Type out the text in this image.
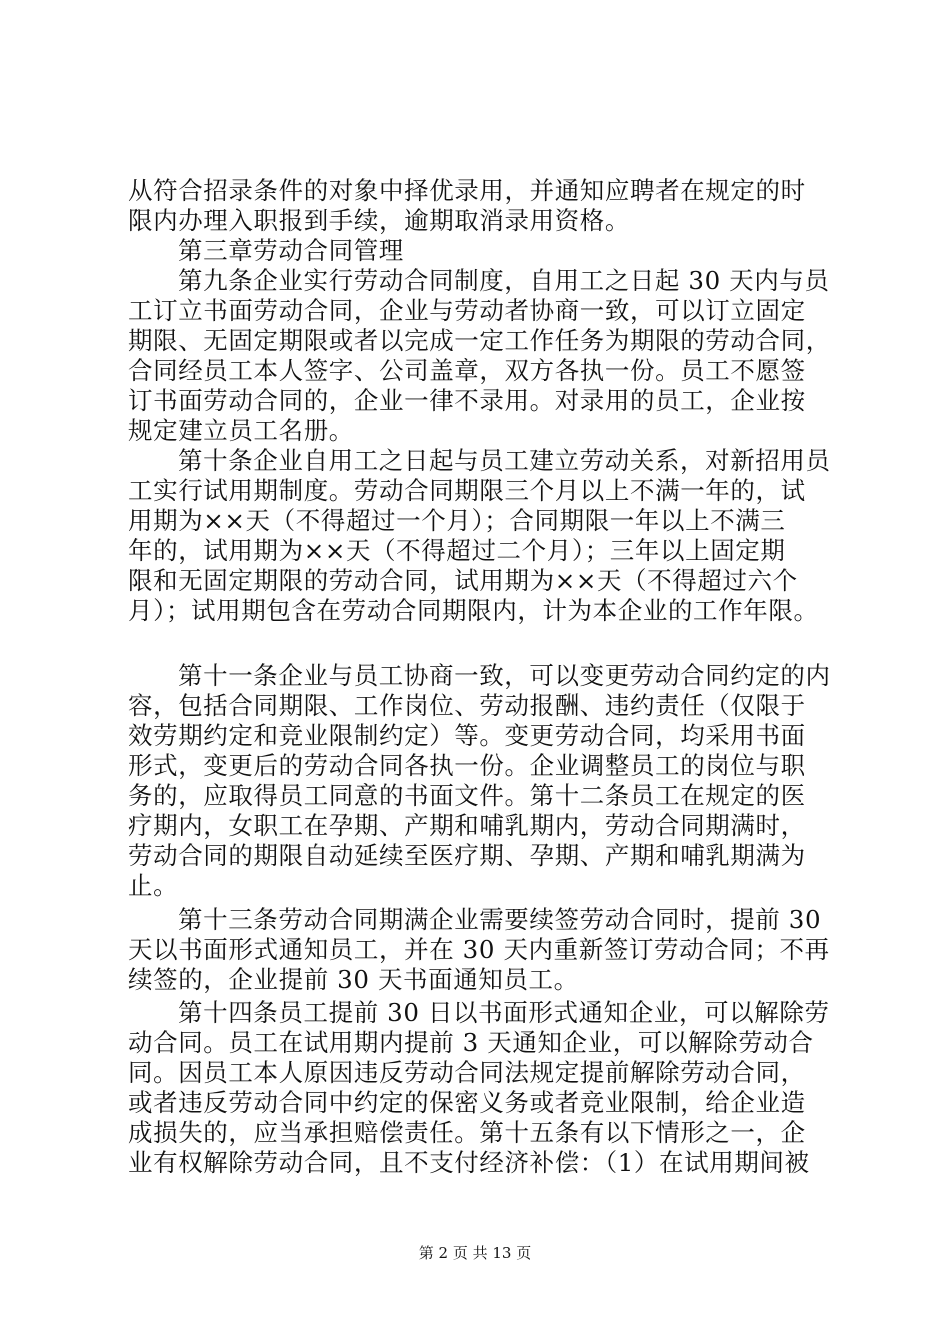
从符合招录条件的对象中择优录用，并通知应聘者在规定的时
限内办理入职报到手续，逾期取消录用资格。
第三章劳动合同管理
第九条企业实行劳动合同制度，自用工之日起 30 天内与员
工订立书面劳动合同，企业与劳动者协商一致，可以订立固定
期限、无固定期限或者以完成一定工作任务为期限的劳动合同，
合同经员工本人签字、公司盖章，双方各执一份。员工不愿签
订书面劳动合同的，企业一律不录用。对录用的员工，企业按
规定建立员工名册。
第十条企业自用工之日起与员工建立劳动关系，对新招用员
工实行试用期制度。劳动合同期限三个月以上不满一年的，试
用期为××天（不得超过一个月）；合同期限一年以上不满三
年的，试用期为××天（不得超过二个月）；三年以上固定期
限和无固定期限的劳动合同，试用期为××天（不得超过六个
月）；试用期包含在劳动合同期限内，计为本企业的工作年限。
第十一条企业与员工协商一致，可以变更劳动合同约定的内
容，包括合同期限、工作岗位、劳动报酬、违约责任（仅限于
效劳期约定和竞业限制约定）等。变更劳动合同，均采用书面
形式，变更后的劳动合同各执一份。企业调整员工的岗位与职
务的，应取得员工同意的书面文件。第十二条员工在规定的医
疗期内，女职工在孕期、产期和哺乳期内，劳动合同期满时，
劳动合同的期限自动延续至医疗期、孕期、产期和哺乳期满为
止。
第十三条劳动合同期满企业需要续签劳动合同时，提前 30
天以书面形式通知员工，并在 30 天内重新签订劳动合同；不再
续签的，企业提前 30 天书面通知员工。
第十四条员工提前 30 日以书面形式通知企业，可以解除劳
动合同。员工在试用期内提前 3 天通知企业，可以解除劳动合
同。因员工本人原因违反劳动合同法规定提前解除劳动合同，
或者违反劳动合同中约定的保密义务或者竞业限制，给企业造
成损失的，应当承担赔偿责任。第十五条有以下情形之一，企
业有权解除劳动合同，且不支付经济补偿：（1）在试用期间被
第 2 页 共 13 页
